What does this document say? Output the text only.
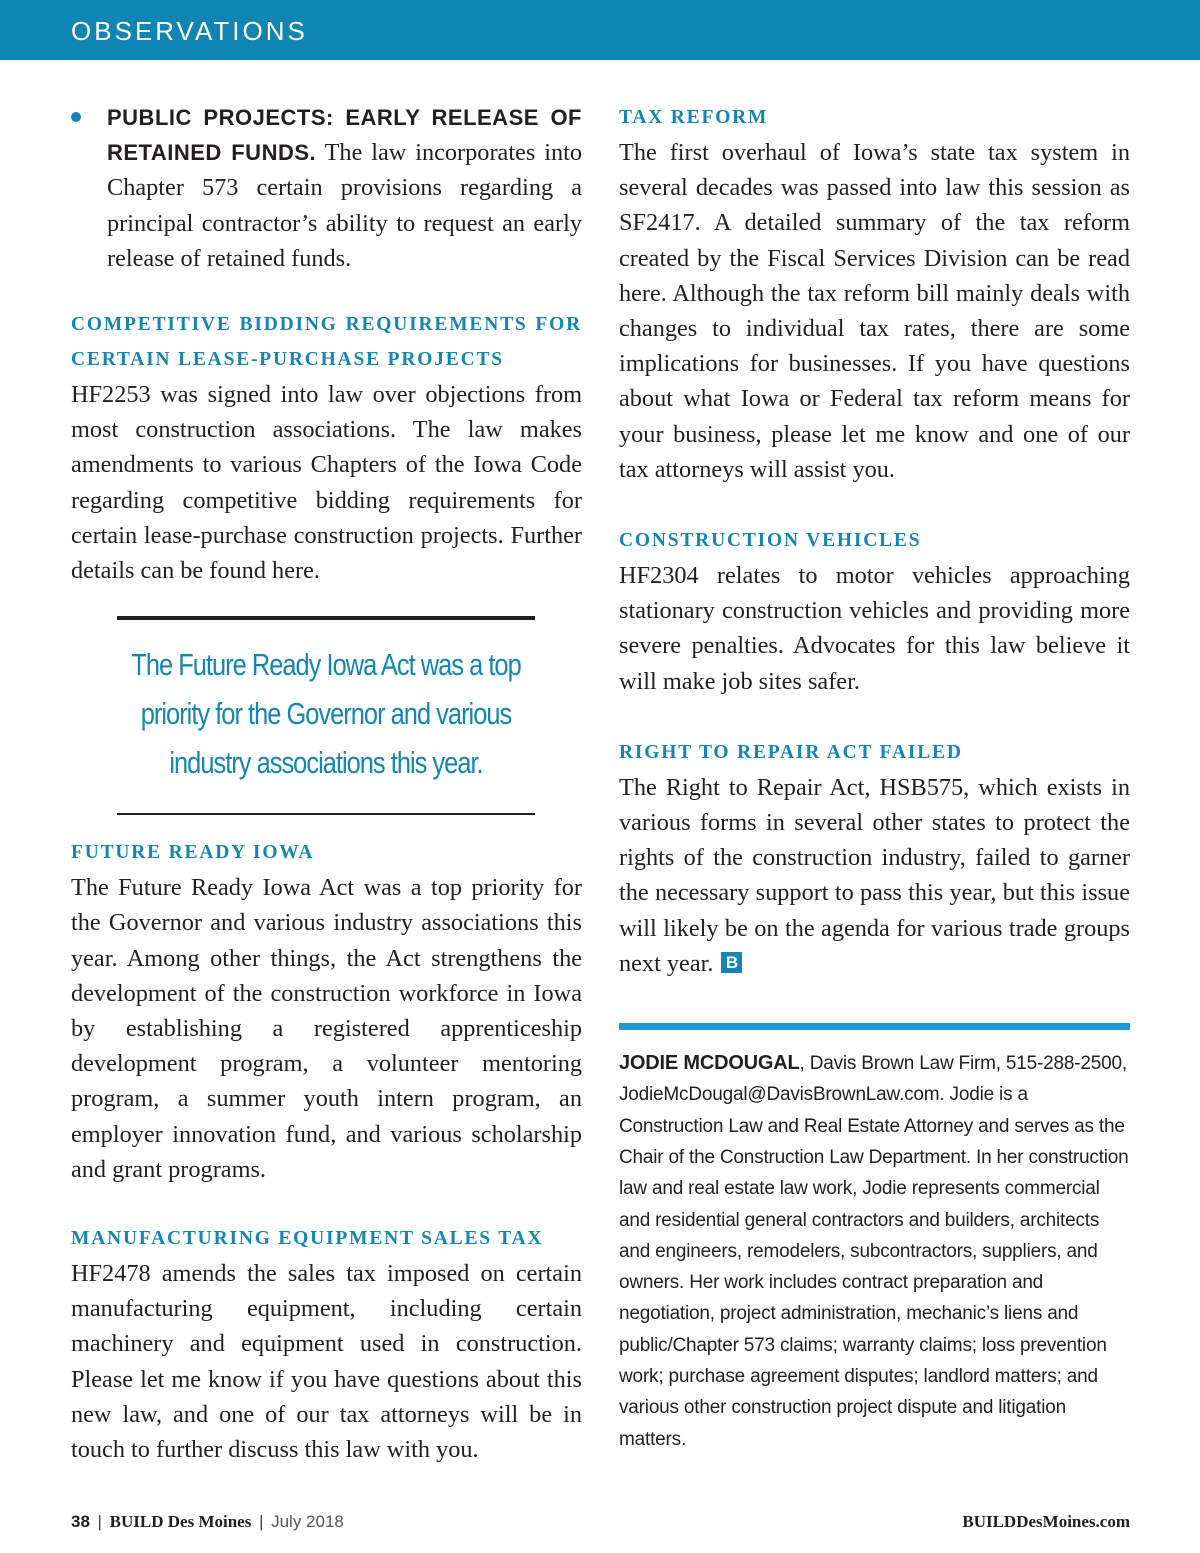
OBSERVATIONS

PUBLIC PROJECTS: EARLY RELEASE OF RETAINED FUNDS. The law incorporates into Chapter 573 certain provisions regarding a principal contractor’s ability to request an early release of retained funds.

COMPETITIVE BIDDING REQUIREMENTS FOR CERTAIN LEASE-PURCHASE PROJECTS

HF2253 was signed into law over objections from most construction associations. The law makes amendments to various Chapters of the Iowa Code regarding competitive bidding requirements for certain lease-purchase construction projects. Further details can be found here.

The Future Ready Iowa Act was a top priority for the Governor and various industry associations this year.

FUTURE READY IOWA

The Future Ready Iowa Act was a top priority for the Governor and various industry associations this year. Among other things, the Act strengthens the development of the construction workforce in Iowa by establishing a registered apprenticeship development program, a volunteer mentoring program, a summer youth intern program, an employer innovation fund, and various scholarship and grant programs.

MANUFACTURING EQUIPMENT SALES TAX

HF2478 amends the sales tax imposed on certain manufacturing equipment, including certain machinery and equipment used in construction. Please let me know if you have questions about this new law, and one of our tax attorneys will be in touch to further discuss this law with you.

TAX REFORM

The first overhaul of Iowa’s state tax system in several decades was passed into law this session as SF2417. A detailed summary of the tax reform created by the Fiscal Services Division can be read here. Although the tax reform bill mainly deals with changes to individual tax rates, there are some implications for businesses. If you have questions about what Iowa or Federal tax reform means for your business, please let me know and one of our tax attorneys will assist you.

CONSTRUCTION VEHICLES

HF2304 relates to motor vehicles approaching stationary construction vehicles and providing more severe penalties. Advocates for this law believe it will make job sites safer.

RIGHT TO REPAIR ACT FAILED

The Right to Repair Act, HSB575, which exists in various forms in several other states to protect the rights of the construction industry, failed to garner the necessary support to pass this year, but this issue will likely be on the agenda for various trade groups next year. B

JODIE MCDOUGAL, Davis Brown Law Firm, 515-288-2500, JodieMcDougal@DavisBrownLaw.com. Jodie is a Construction Law and Real Estate Attorney and serves as the Chair of the Construction Law Department. In her construction law and real estate law work, Jodie represents commercial and residential general contractors and builders, architects and engineers, remodelers, subcontractors, suppliers, and owners. Her work includes contract preparation and negotiation, project administration, mechanic’s liens and public/Chapter 573 claims; warranty claims; loss prevention work; purchase agreement disputes; landlord matters; and various other construction project dispute and litigation matters.

38 | BUILD Des Moines | July 2018	BUILDDesMoines.com
